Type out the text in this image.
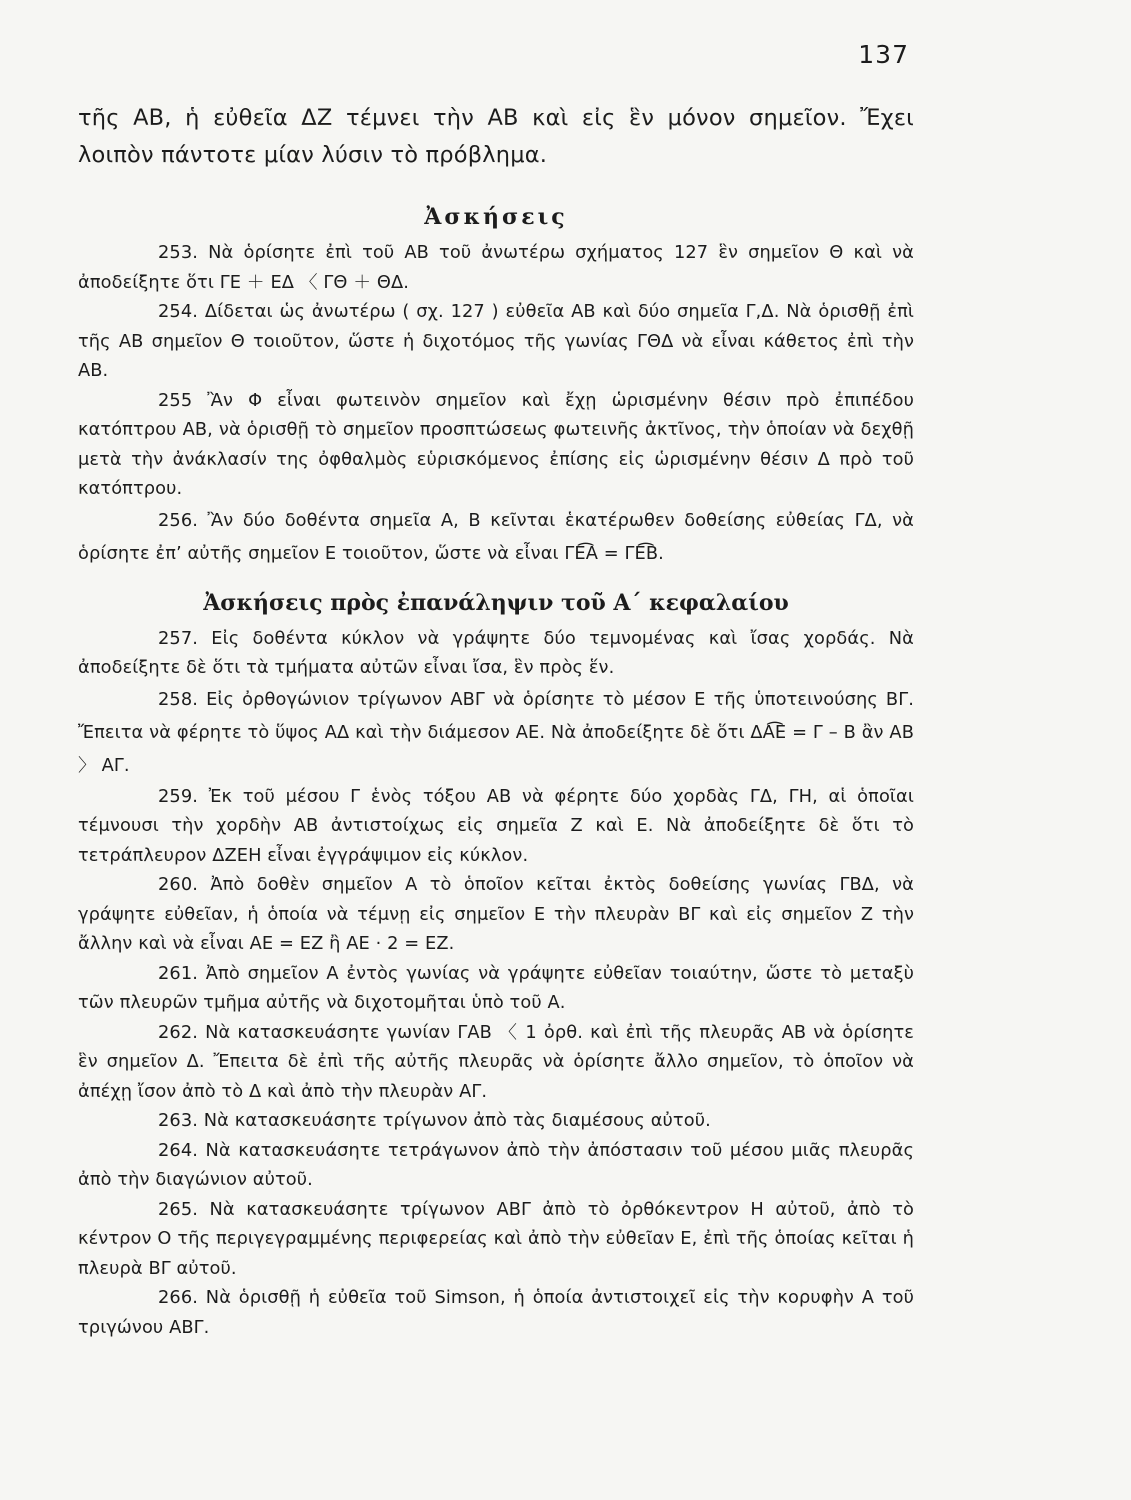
137

τῆς ΑΒ, ἡ εὐθεῖα ΔΖ τέμνει τὴν ΑΒ καὶ εἰς ἓν μόνον σημεῖον. Ἔχει λοιπὸν πάντοτε μίαν λύσιν τὸ πρόβλημα.

Ἀσκήσεις

253. Νὰ ὁρίσητε ἐπὶ τοῦ ΑΒ τοῦ ἀνωτέρω σχήματος 127 ἓν σημεῖον Θ καὶ νὰ ἀποδείξητε ὅτι ΓΕ ＋ ΕΔ 〈 ΓΘ ＋ ΘΔ.

254. Δίδεται ὡς ἀνωτέρω ( σχ. 127 ) εὐθεῖα ΑΒ καὶ δύο σημεῖα Γ,Δ. Νὰ ὁρισθῇ ἐπὶ τῆς ΑΒ σημεῖον Θ τοιοῦτον, ὥστε ἡ διχοτόμος τῆς γωνίας ΓΘΔ νὰ εἶναι κάθετος ἐπὶ τὴν ΑΒ.

255 Ἂν Φ εἶναι φωτεινὸν σημεῖον καὶ ἔχῃ ὡρισμένην θέσιν πρὸ ἐπιπέδου κατόπτρου ΑΒ, νὰ ὁρισθῇ τὸ σημεῖον προσπτώσεως φωτεινῆς ἀκτῖνος, τὴν ὁποίαν νὰ δεχθῇ μετὰ τὴν ἀνάκλασίν της ὀφθαλμὸς εὑρισκόμενος ἐπίσης εἰς ὡρισμένην θέσιν Δ πρὸ τοῦ κατόπτρου.

256. Ἂν δύο δοθέντα σημεῖα Α, Β κεῖνται ἑκατέρωθεν δοθείσης εὐθείας ΓΔ, νὰ ὁρίσητε ἐπ’ αὐτῆς σημεῖον Ε τοιοῦτον, ὥστε νὰ εἶναι ΓΕ͡Α = ΓΕ͡Β.

Ἀσκήσεις πρὸς ἐπανάληψιν τοῦ Α΄ κεφαλαίου

257. Εἰς δοθέντα κύκλον νὰ γράψητε δύο τεμνομένας καὶ ἴσας χορδάς. Νὰ ἀποδείξητε δὲ ὅτι τὰ τμήματα αὐτῶν εἶναι ἴσα, ἓν πρὸς ἕν.

258. Εἰς ὀρθογώνιον τρίγωνον ΑΒΓ νὰ ὁρίσητε τὸ μέσον Ε τῆς ὑποτεινούσης ΒΓ. Ἔπειτα νὰ φέρητε τὸ ὕψος ΑΔ καὶ τὴν διάμεσον ΑΕ. Νὰ ἀποδείξητε δὲ ὅτι ΔΑ͡Ε = Γ – Β ἂν ΑΒ 〉 ΑΓ.

259. Ἐκ τοῦ μέσου Γ ἑνὸς τόξου ΑΒ νὰ φέρητε δύο χορδὰς ΓΔ, ΓΗ, αἱ ὁποῖαι τέμνουσι τὴν χορδὴν ΑΒ ἀντιστοίχως εἰς σημεῖα Ζ καὶ Ε. Νὰ ἀποδείξητε δὲ ὅτι τὸ τετράπλευρον ΔΖΕΗ εἶναι ἐγγράψιμον εἰς κύκλον.

260. Ἀπὸ δοθὲν σημεῖον Α τὸ ὁποῖον κεῖται ἐκτὸς δοθείσης γωνίας ΓΒΔ, νὰ γράψητε εὐθεῖαν, ἡ ὁποία νὰ τέμνῃ εἰς σημεῖον Ε τὴν πλευρὰν ΒΓ καὶ εἰς σημεῖον Ζ τὴν ἄλλην καὶ νὰ εἶναι ΑΕ = ΕΖ ἢ ΑΕ · 2 = ΕΖ.

261. Ἀπὸ σημεῖον Α ἐντὸς γωνίας νὰ γράψητε εὐθεῖαν τοιαύτην, ὥστε τὸ μεταξὺ τῶν πλευρῶν τμῆμα αὐτῆς νὰ διχοτομῆται ὑπὸ τοῦ Α.

262. Νὰ κατασκευάσητε γωνίαν ΓΑΒ 〈 1 ὀρθ. καὶ ἐπὶ τῆς πλευρᾶς ΑΒ νὰ ὁρίσητε ἓν σημεῖον Δ. Ἔπειτα δὲ ἐπὶ τῆς αὐτῆς πλευρᾶς νὰ ὁρίσητε ἄλλο σημεῖον, τὸ ὁποῖον νὰ ἀπέχῃ ἴσον ἀπὸ τὸ Δ καὶ ἀπὸ τὴν πλευρὰν ΑΓ.

263. Νὰ κατασκευάσητε τρίγωνον ἀπὸ τὰς διαμέσους αὐτοῦ.

264. Νὰ κατασκευάσητε τετράγωνον ἀπὸ τὴν ἀπόστασιν τοῦ μέσου μιᾶς πλευρᾶς ἀπὸ τὴν διαγώνιον αὐτοῦ.

265. Νὰ κατασκευάσητε τρίγωνον ΑΒΓ ἀπὸ τὸ ὀρθόκεντρον Η αὐτοῦ, ἀπὸ τὸ κέντρον Ο τῆς περιγεγραμμένης περιφερείας καὶ ἀπὸ τὴν εὐθεῖαν Ε, ἐπὶ τῆς ὁποίας κεῖται ἡ πλευρὰ ΒΓ αὐτοῦ.

266. Νὰ ὁρισθῇ ἡ εὐθεῖα τοῦ Simson, ἡ ὁποία ἀντιστοιχεῖ εἰς τὴν κορυφὴν Α τοῦ τριγώνου ΑΒΓ.
